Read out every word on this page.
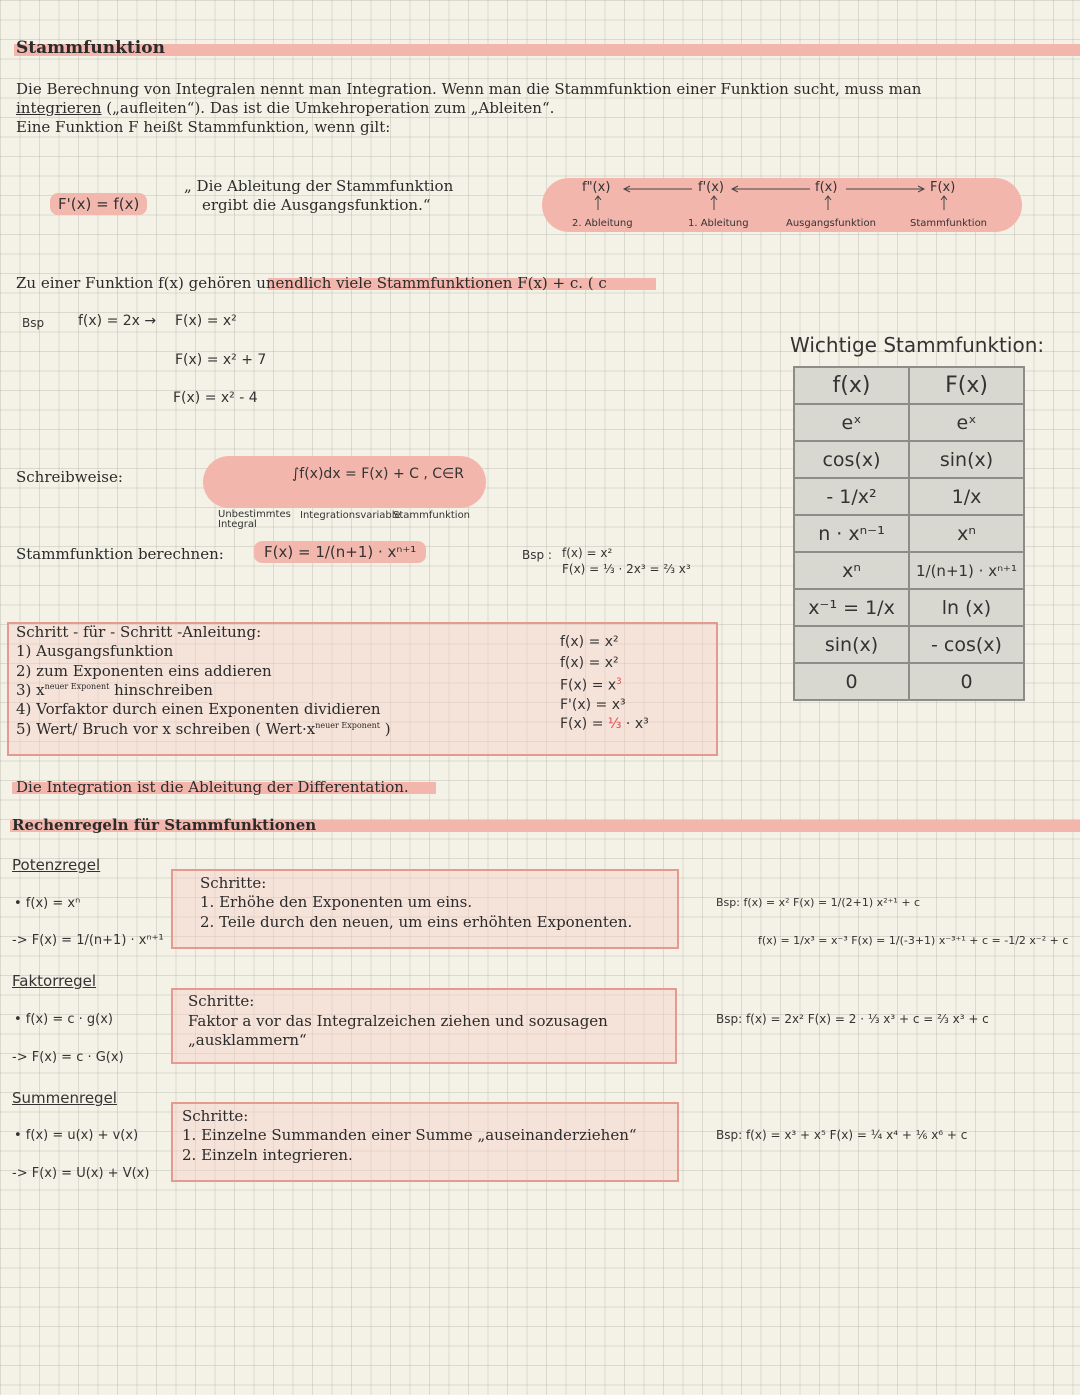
Stammfunktion
Die Berechnung von Integralen nennt man Integration. Wenn man die Stammfunktion einer Funktion sucht, muss man
integrieren („aufleiten“). Das ist die Umkehroperation zum „Ableiten“.
Eine Funktion F heißt Stammfunktion, wenn gilt:
F'(x) = f(x)
„ Die Ableitung der Stammfunktion
ergibt die Ausgangsfunktion.“
f"(x)
2. Ableitung
f'(x)
1. Ableitung
f(x)
Ausgangsfunktion
F(x)
Stammfunktion
Zu einer Funktion f(x) gehören unendlich viele Stammfunktionen F(x) + c. ( c
Bsp f(x) = 2x → F(x) = x²
F(x) = x² + 7
F(x) = x² - 4
Wichtige Stammfunktion:
f(x)	F(x)
eˣ	eˣ
cos(x)	sin(x)
- 1/x²	1/x
n · xⁿ⁻¹	xⁿ
xⁿ	1/(n+1) · xⁿ⁺¹
x⁻¹ = 1/x	ln (x)
sin(x)	- cos(x)
0	0
Schreibweise:	∫f(x)dx = F(x) + C , C∈R
Unbestimmtes Integral
Integrationsvariable
Stammfunktion
Stammfunktion berechnen:	F(x) = 1/(n+1) · xⁿ⁺¹	Bsp : f(x) = x²
F(x) = ⅓ · 2x³ = ⅔ x³
Schritt - für - Schritt -Anleitung:
1) Ausgangsfunktion
2) zum Exponenten eins addieren
3) $x^{neuer Exponent}$ hinschreiben
4) Vorfaktor durch einen Exponenten dividieren
5) Wert/ Bruch vor x schreiben ( $Wert\cdot x^{neuer Exponent}$ )
f(x) = x²
f(x) = x²
$F(x) = x^3$
F'(x) = x³
F(x) = ⅓ · x³
Die Integration ist die Ableitung der Differentation.
Rechenregeln für Stammfunktionen
Potenzregel
• f(x) = xⁿ
-> F(x) = 1/(n+1) · xⁿ⁺¹
Schritte:
1. Erhöhe den Exponenten um eins.
2. Teile durch den neuen, um eins erhöhten Exponenten.
Bsp: f(x) = x² F(x) = 1/(2+1) x²⁺¹ + c
f(x) = 1/x³ = x⁻³ F(x) = 1/(-3+1) x⁻³⁺¹ + c = -1/2 x⁻² + c
Faktorregel
• f(x) = c · g(x)
-> F(x) = c · G(x)
Schritte:
Faktor a vor das Integralzeichen ziehen und sozusagen
„ausklammern“
Bsp: f(x) = 2x² F(x) = 2 · ⅓ x³ + c = ⅔ x³ + c
Summenregel
• f(x) = u(x) + v(x)
-> F(x) = U(x) + V(x)
Schritte:
1. Einzelne Summanden einer Summe „auseinanderziehen“
2. Einzeln integrieren.
Bsp: f(x) = x³ + x⁵ F(x) = ¼ x⁴ + ⅙ x⁶ + c
